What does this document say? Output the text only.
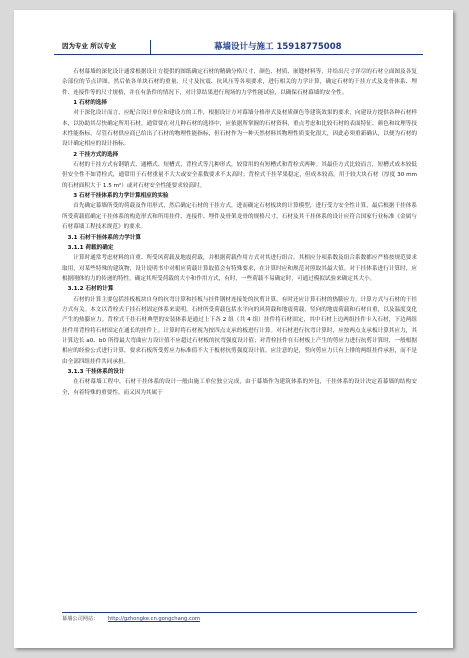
因为专业 所以专业	幕墙设计与施工 15918775008

石材幕墙的深化设计通常根据设计方提供的图纸确定石材的精确分格尺寸，颜色、材质、嵌缝材料等，并给出尺寸详尽的石材立面图及各复杂部位的节点详图。然后依各单块石材的重量、尺寸及抗震、抗风压等各项要求，进行相关的力学计算，确定石材的干挂方式及龙骨体系、埋件、连接件等的尺寸规格，并在有条件的情况下，对计算结果进行现场的力学性能试验，以确保石材幕墙的安全性。

1 石材的选择

对于深化设计而言，应配合设计单位和建设方的工作，根据设计方对幕墙分格形式及材质颜色等建筑效果的要求，向建设方提供各种石材样本，以协助其尽快确定所用石材。通常要在对几种石材的选择中，应依据所掌握的石材资料，重点考虑和比较石材的表面特征、颜色和纹理等技术性能指标，尽管石材供应商已给出了石材的物理性能指标，但石材作为一种天然材料其物理性质变化很大，因此必须重新确认，以便为石材的设计确定相应的设计指标。

2 干挂方式的选择

石材的干挂方式有钢销式、通槽式、短槽式、背栓式等几种形式，较常用的有短槽式和背栓式两种。其最佳方式比较而言，短槽式成本较低但安全性不如背栓式，通常用于石材重量不大大或安全系数要求不太高时；背栓式干挂苹果稳定，但成本较高，用于较大块石材（厚度 30 mm 的石材面积大于 1.5 m²）或对石材安全性能要求较高时。

3 石材干挂体系的力学计算相应的实验

首先确定幕墙所受的荷载及作用形式，然后确定石材的干挂方式，进而确定石材板块的计算模型，进行受力安全性计算，最后根据干挂体系所受荷载值确定干挂体系的构造形式和所用挂件、连接件、埋件及骨架龙骨的规格尺寸，石材及其干挂体系的设计应符合国家行业标准《金属与石材幕墙工程技术规范》的要求。

3.1 石材干挂体系的力学计算

3.1.1 荷载的确定

计算时通常考虑材料的自重、所受风荷载及地震荷载，并根据荷载作用方式对其进行组合。其相应分项系数及组合系数都应严格按规范要求取用，对某些特殊的建筑物，设计说明书中对相应荷载计算取值会有特殊要求，在计算时应和规范对照取其最大值。对干挂体系进行计算时，应根据刚体的力的传递的特性，确定其所受荷载的大小和作用方式，有时，一些荷载不易确定时，可通过模拟试验来确定其大小。

3.1.2 石材的计算

石材的计算主要包括挂板板块自身的抗弯计算和挂板与挂件钢材连接处的抗剪计算，有时还应计算石材的热膨应力。计算方式与石材的干挂方式有关。本文以背栓式干挂石材固定体系来说明，石材所受荷载包括水平向的风荷载和地震荷载，竖向的地震荷载和石材自重，以及温度变化产生的热膨应力。背栓式干挂石材典型的安装体系是通过上下各 2 组（共 4 组）挂件将石材固定，其中石材上边两组挂件卡入石材，下边两组挂件用背栓将石材固定在通长的挂件上。计算时将石材视为按四点支承的板进行计算。对石材进行抗弯计算时，应按两点支承板计算其应力，其计算边长 a0、b0 所得最大弯曲应力设计值不应超过石材板的抗弯强度设计值；对背栓挂件在石材板上产生的剪应力进行抗剪计算时，一般根据相应的经验公式进行计算，要求石板所受剪应力标准值不大于板材抗剪强度设计值。应注意的是，竖向剪应力只有上排的两组挂件承担，而不是由全部四组挂件共同承担。

3.1.3 干挂体系的设计

在石材幕墙工程中，石材干挂体系的设计一般由施工单位独立完成，由于幕墙作为建筑体系的外包，干挂体系的设计决定着幕墙的结构安全，有着特殊的重要性，而又因为其属于

幕墙公司网站： http://gzhongke.cn.gongchang.com
